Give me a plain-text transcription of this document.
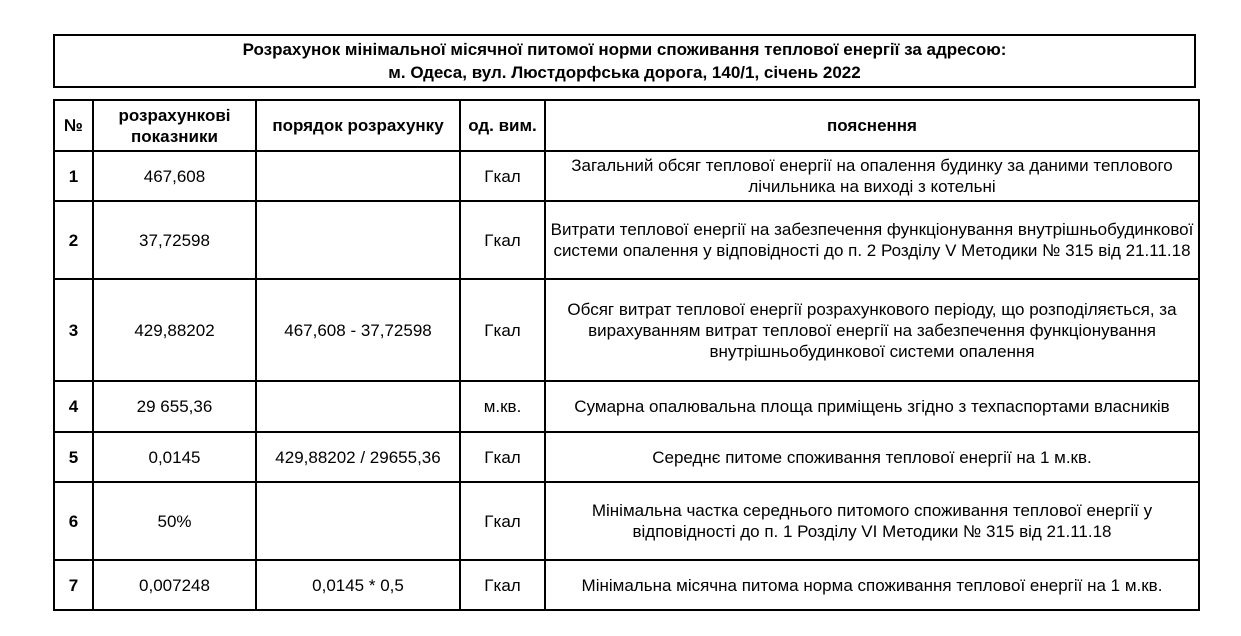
Розрахунок мінімальної місячної питомої норми споживання теплової енергії за адресою:
м. Одеса, вул. Люстдорфська дорога, 140/1, січень 2022
№	розрахункові показники	порядок розрахунку	од. вим.	пояснення
1	467,608		Гкал	Загальний обсяг теплової енергії на опалення будинку за даними теплового лічильника на виході з котельні
2	37,72598		Гкал	Витрати теплової енергії на забезпечення функціонування внутрішньобудинкової системи опалення у відповідності до п. 2 Розділу V Методики № 315 від 21.11.18
3	429,88202	467,608 - 37,72598	Гкал	Обсяг витрат теплової енергії розрахункового періоду, що розподіляється, за вирахуванням витрат теплової енергії на забезпечення функціонування внутрішньобудинкової системи опалення
4	29 655,36		м.кв.	Сумарна опалювальна площа приміщень згідно з техпаспортами власників
5	0,0145	429,88202 / 29655,36	Гкал	Середнє питоме споживання теплової енергії на 1 м.кв.
6	50%		Гкал	Мінімальна частка середнього питомого споживання теплової енергії у відповідності до п. 1 Розділу VI Методики № 315 від 21.11.18
7	0,007248	0,0145 * 0,5	Гкал	Мінімальна місячна питома норма споживання теплової енергії на 1 м.кв.
